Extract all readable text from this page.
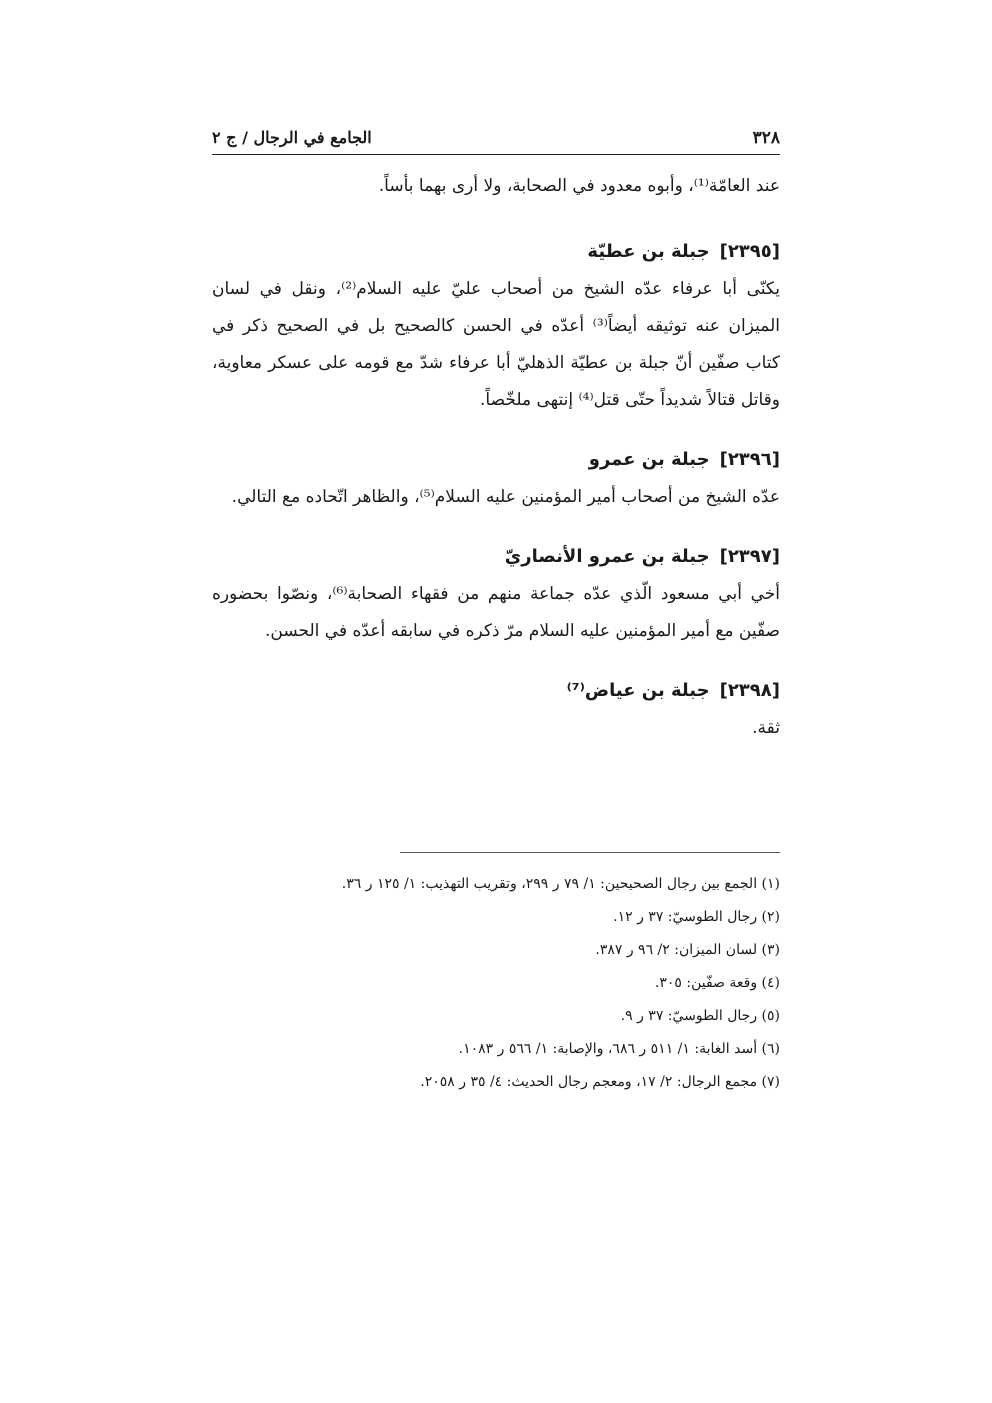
٣٢٨
الجامع في الرجال / ج ٢

عند العامّة⁽¹⁾، وأبوه معدود في الصحابة، ولا أرى بهما بأساً.

[٢٣٩٥]جبلة بن عطيّة

يكنّى أبا عرفاء عدّه الشيخ من أصحاب عليّ عليه السلام⁽²⁾، ونقل في لسان الميزان عنه توثيقه أيضاً⁽³⁾ أعدّه في الحسن كالصحيح بل في الصحيح ذكر في كتاب صفّين أنّ جبلة بن عطيّة الذهليّ أبا عرفاء شدّ مع قومه على عسكر معاوية، وقاتل قتالاً شديداً حتّى قتل⁽⁴⁾ إنتهى ملخّصاً.

[٢٣٩٦]جبلة بن عمرو

عدّه الشيخ من أصحاب أمير المؤمنين عليه السلام⁽⁵⁾، والظاهر اتّحاده مع التالي.

[٢٣٩٧]جبلة بن عمرو الأنصاريّ

أخي أبي مسعود الّذي عدّه جماعة منهم من فقهاء الصحابة⁽⁶⁾، ونصّوا بحضوره صفّين مع أمير المؤمنين عليه السلام مرّ ذكره في سابقه أعدّه في الحسن.

[٢٣٩٨]جبلة بن عياض⁽⁷⁾

ثقة.

(١) الجمع بين رجال الصحيحين: ١/ ٧٩ ر ٢٩٩، وتقريب التهذيب: ١/ ١٢٥ ر ٣٦.
(٢) رجال الطوسيّ: ٣٧ ر ١٢.
(٣) لسان الميزان: ٢/ ٩٦ ر ٣٨٧.
(٤) وقعة صفّين: ٣٠٥.
(٥) رجال الطوسيّ: ٣٧ ر ٩.
(٦) أسد الغابة: ١/ ٥١١ ر ٦٨٦، والإصابة: ١/ ٥٦٦ ر ١٠٨٣.
(٧) مجمع الرجال: ٢/ ١٧، ومعجم رجال الحديث: ٤/ ٣٥ ر ٢٠٥٨.
